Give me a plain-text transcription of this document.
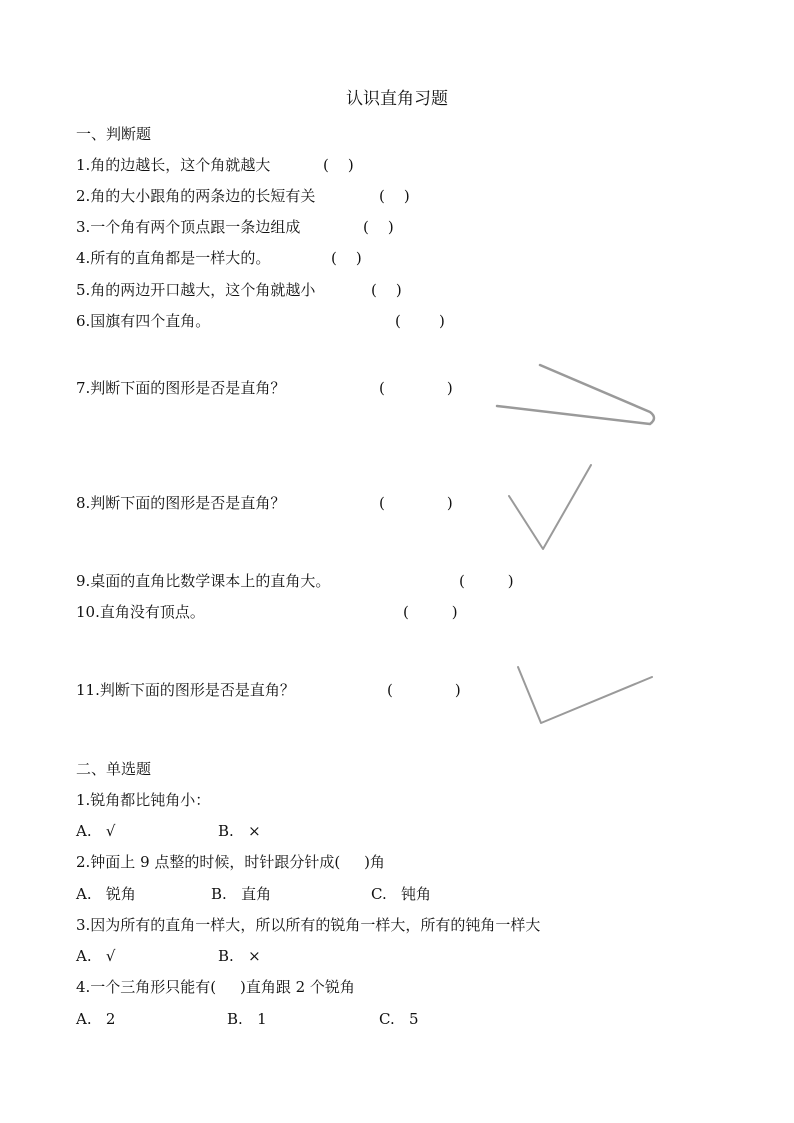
认识直角习题
一、判断题
1.角的边越长，这个角就越大	(    )
2.角的大小跟角的两条边的长短有关	(    )
3.一个角有两个顶点跟一条边组成	(    )
4.所有的直角都是一样大的。	(    )
5.角的两边开口越大，这个角就越小	(    )
6.国旗有四个直角。	(        )
7.判断下面的图形是否是直角？	(             )
8.判断下面的图形是否是直角？	(             )
9.桌面的直角比数学课本上的直角大。	(         )
10.直角没有顶点。	(         )
11.判断下面的图形是否是直角？	(             )
二、单选题
1.锐角都比钝角小：
A.   √	B.   ×
2.钟面上 9 点整的时候，时针跟分针成(     )角
A.   锐角	B.   直角	C.   钝角
3.因为所有的直角一样大，所以所有的锐角一样大，所有的钝角一样大
A.   √	B.   ×
4.一个三角形只能有(     )直角跟 2 个锐角
A.   2	B.   1	C.   5
